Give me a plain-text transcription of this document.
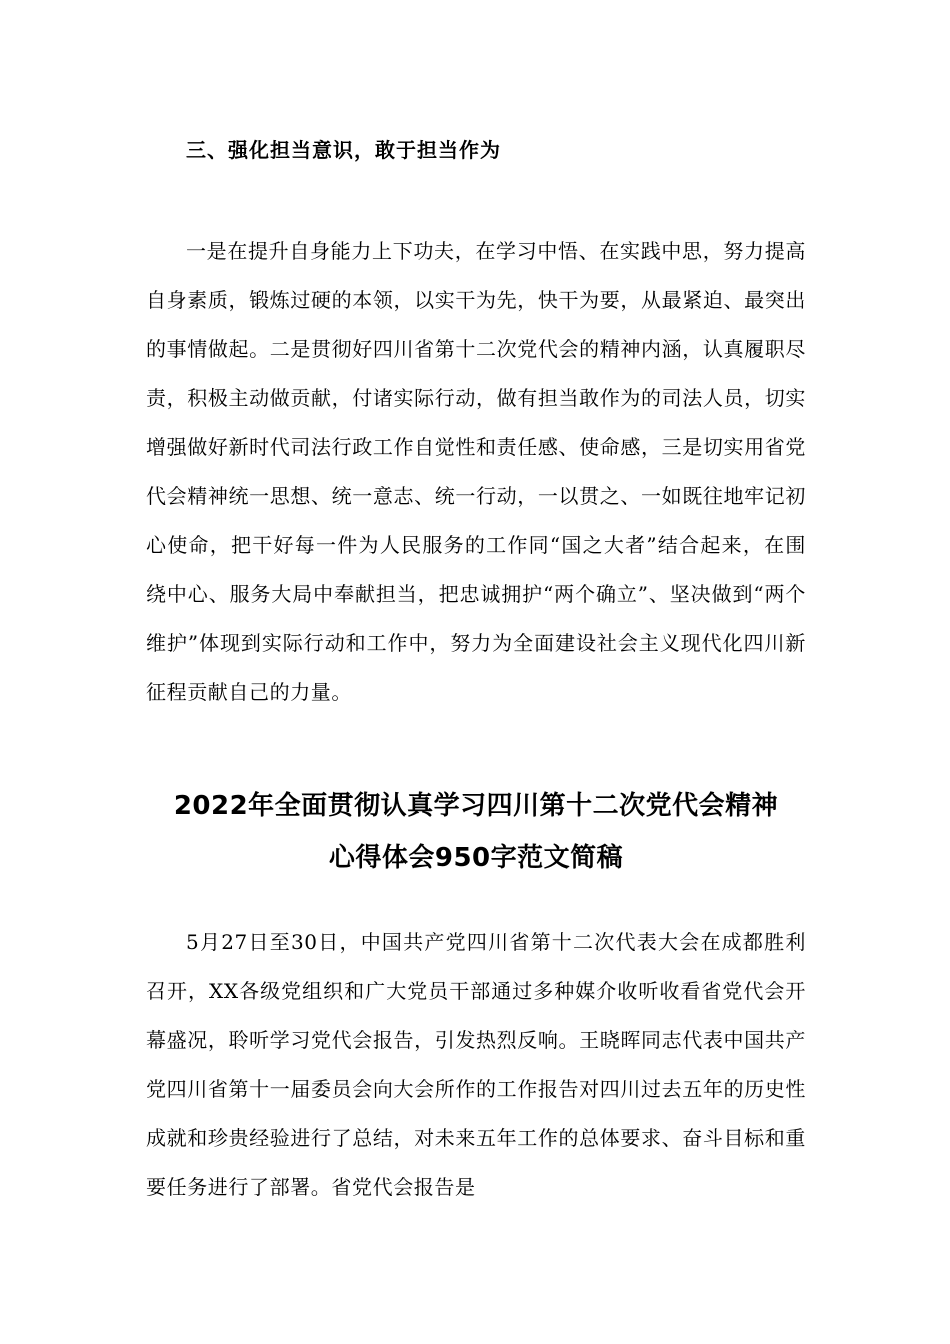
三、强化担当意识，敢于担当作为

一是在提升自身能力上下功夫，在学习中悟、在实践中思，努力提高自身素质，锻炼过硬的本领，以实干为先，快干为要，从最紧迫、最突出的事情做起。二是贯彻好四川省第十二次党代会的精神内涵，认真履职尽责，积极主动做贡献，付诸实际行动，做有担当敢作为的司法人员，切实增强做好新时代司法行政工作自觉性和责任感、使命感，三是切实用省党代会精神统一思想、统一意志、统一行动，一以贯之、一如既往地牢记初心使命，把干好每一件为人民服务的工作同“国之大者”结合起来，在围绕中心、服务大局中奉献担当，把忠诚拥护“两个确立”、坚决做到“两个维护”体现到实际行动和工作中，努力为全面建设社会主义现代化四川新征程贡献自己的力量。

2022年全面贯彻认真学习四川第十二次党代会精神
心得体会950字范文简稿

5月27日至30日，中国共产党四川省第十二次代表大会在成都胜利召开，XX各级党组织和广大党员干部通过多种媒介收听收看省党代会开幕盛况，聆听学习党代会报告，引发热烈反响。王晓晖同志代表中国共产党四川省第十一届委员会向大会所作的工作报告对四川过去五年的历史性成就和珍贵经验进行了总结，对未来五年工作的总体要求、奋斗目标和重要任务进行了部署。省党代会报告是
